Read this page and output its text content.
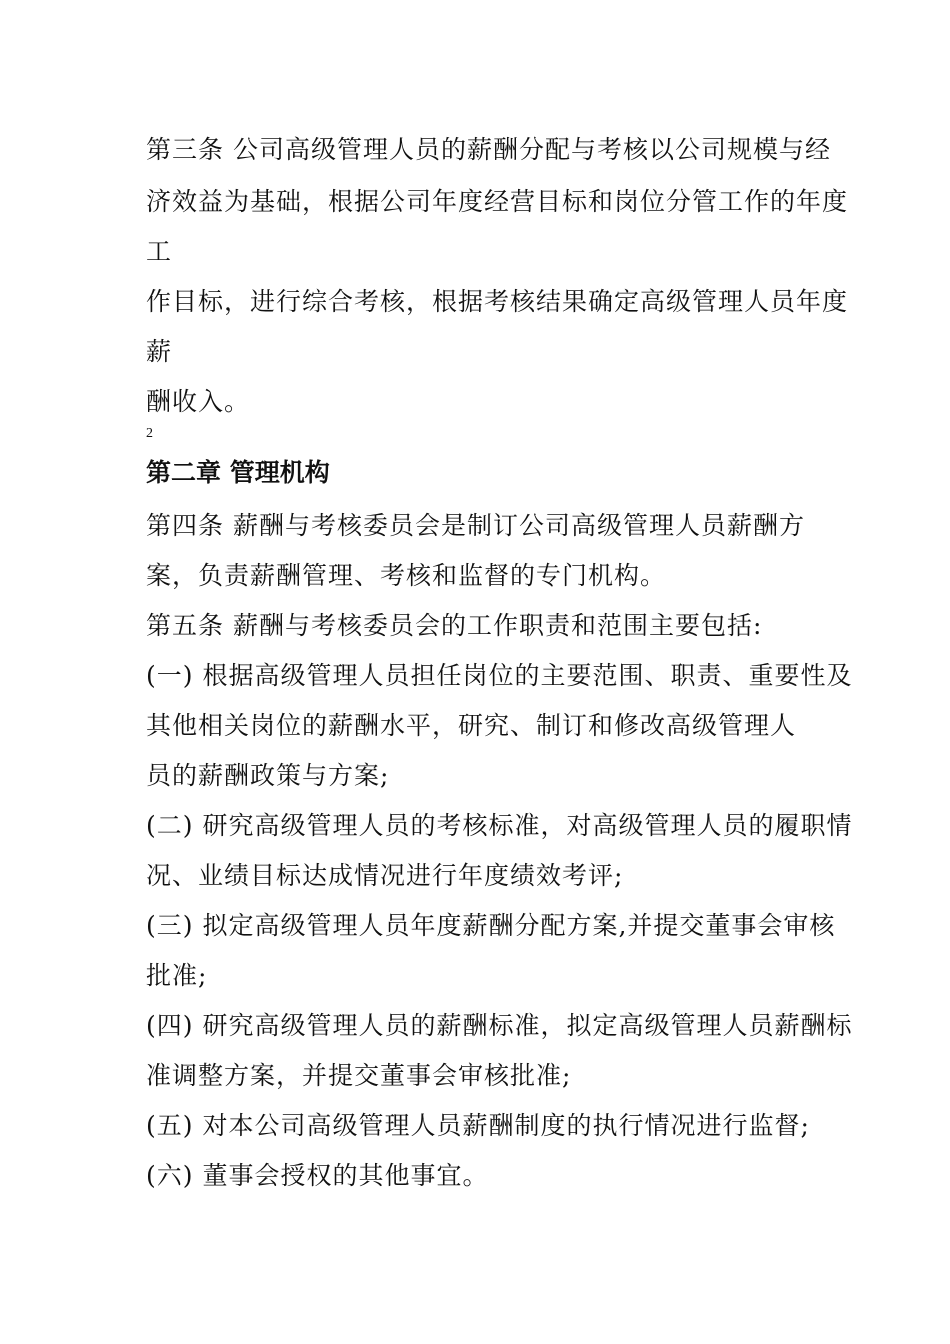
第三条 公司高级管理人员的薪酬分配与考核以公司规模与经
济效益为基础，根据公司年度经营目标和岗位分管工作的年度
工
作目标，进行综合考核，根据考核结果确定高级管理人员年度
薪
酬收入。
2
第二章 管理机构
第四条 薪酬与考核委员会是制订公司高级管理人员薪酬方
案，负责薪酬管理、考核和监督的专门机构。
第五条 薪酬与考核委员会的工作职责和范围主要包括:
(一) 根据高级管理人员担任岗位的主要范围、职责、重要性及
其他相关岗位的薪酬水平，研究、制订和修改高级管理人
员的薪酬政策与方案;
(二) 研究高级管理人员的考核标准，对高级管理人员的履职情
况、业绩目标达成情况进行年度绩效考评;
(三) 拟定高级管理人员年度薪酬分配方案,并提交董事会审核
批准;
(四) 研究高级管理人员的薪酬标准，拟定高级管理人员薪酬标
准调整方案，并提交董事会审核批准;
(五) 对本公司高级管理人员薪酬制度的执行情况进行监督;
(六) 董事会授权的其他事宜。
